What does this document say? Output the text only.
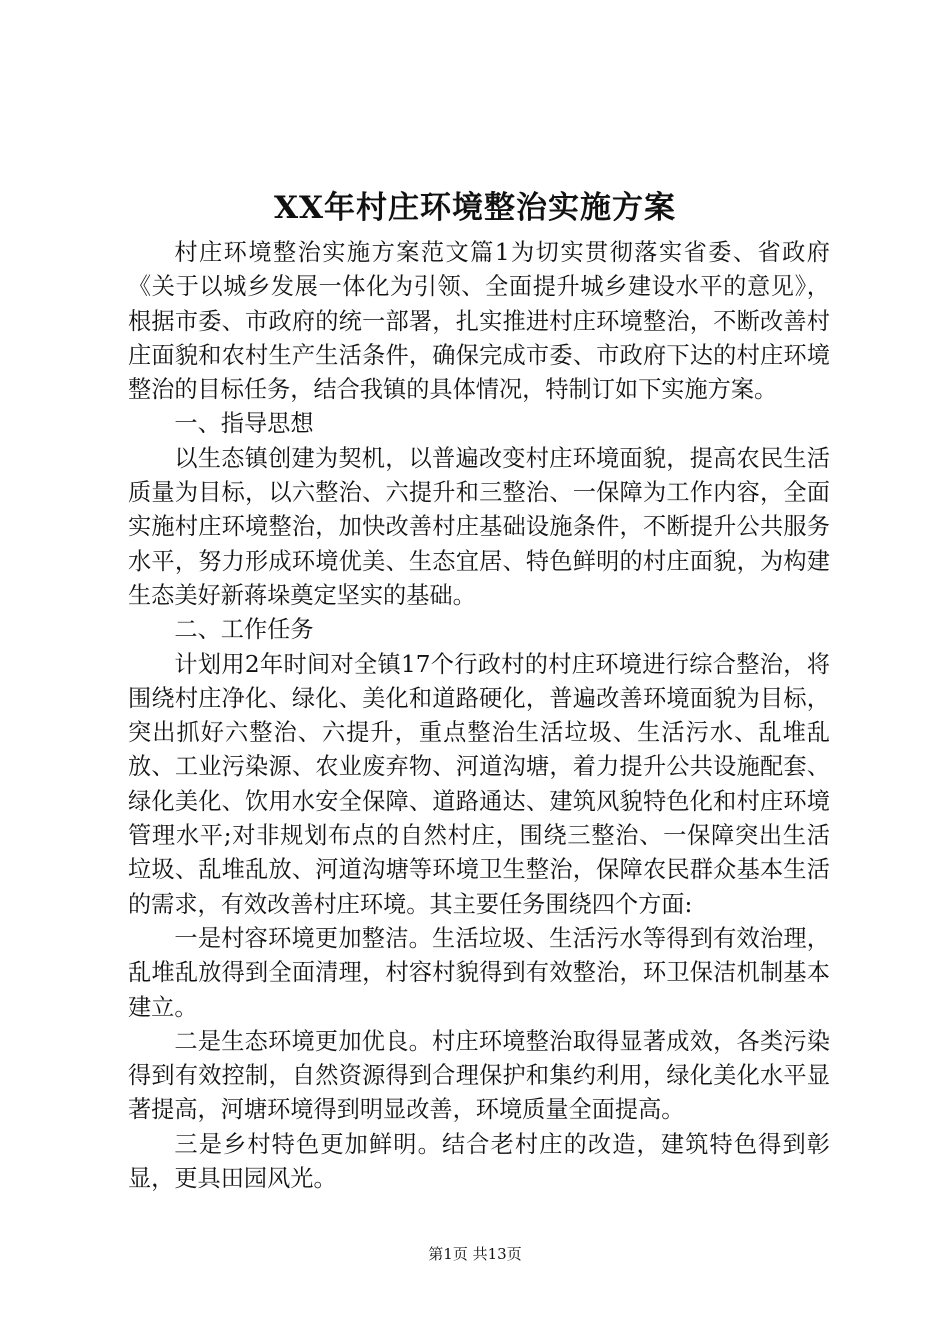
XX年村庄环境整治实施方案

村庄环境整治实施方案范文篇1为切实贯彻落实省委、省政府《关于以城乡发展一体化为引领、全面提升城乡建设水平的意见》，根据市委、市政府的统一部署，扎实推进村庄环境整治，不断改善村庄面貌和农村生产生活条件，确保完成市委、市政府下达的村庄环境整治的目标任务，结合我镇的具体情况，特制订如下实施方案。

一、指导思想

以生态镇创建为契机，以普遍改变村庄环境面貌，提高农民生活质量为目标，以六整治、六提升和三整治、一保障为工作内容，全面实施村庄环境整治，加快改善村庄基础设施条件，不断提升公共服务水平，努力形成环境优美、生态宜居、特色鲜明的村庄面貌，为构建生态美好新蒋垛奠定坚实的基础。

二、工作任务

计划用2年时间对全镇17个行政村的村庄环境进行综合整治，将围绕村庄净化、绿化、美化和道路硬化，普遍改善环境面貌为目标，突出抓好六整治、六提升，重点整治生活垃圾、生活污水、乱堆乱放、工业污染源、农业废弃物、河道沟塘，着力提升公共设施配套、绿化美化、饮用水安全保障、道路通达、建筑风貌特色化和村庄环境管理水平;对非规划布点的自然村庄，围绕三整治、一保障突出生活垃圾、乱堆乱放、河道沟塘等环境卫生整治，保障农民群众基本生活的需求，有效改善村庄环境。其主要任务围绕四个方面:

一是村容环境更加整洁。生活垃圾、生活污水等得到有效治理，乱堆乱放得到全面清理，村容村貌得到有效整治，环卫保洁机制基本建立。

二是生态环境更加优良。村庄环境整治取得显著成效，各类污染得到有效控制，自然资源得到合理保护和集约利用，绿化美化水平显著提高，河塘环境得到明显改善，环境质量全面提高。

三是乡村特色更加鲜明。结合老村庄的改造，建筑特色得到彰显，更具田园风光。

第1页 共13页
